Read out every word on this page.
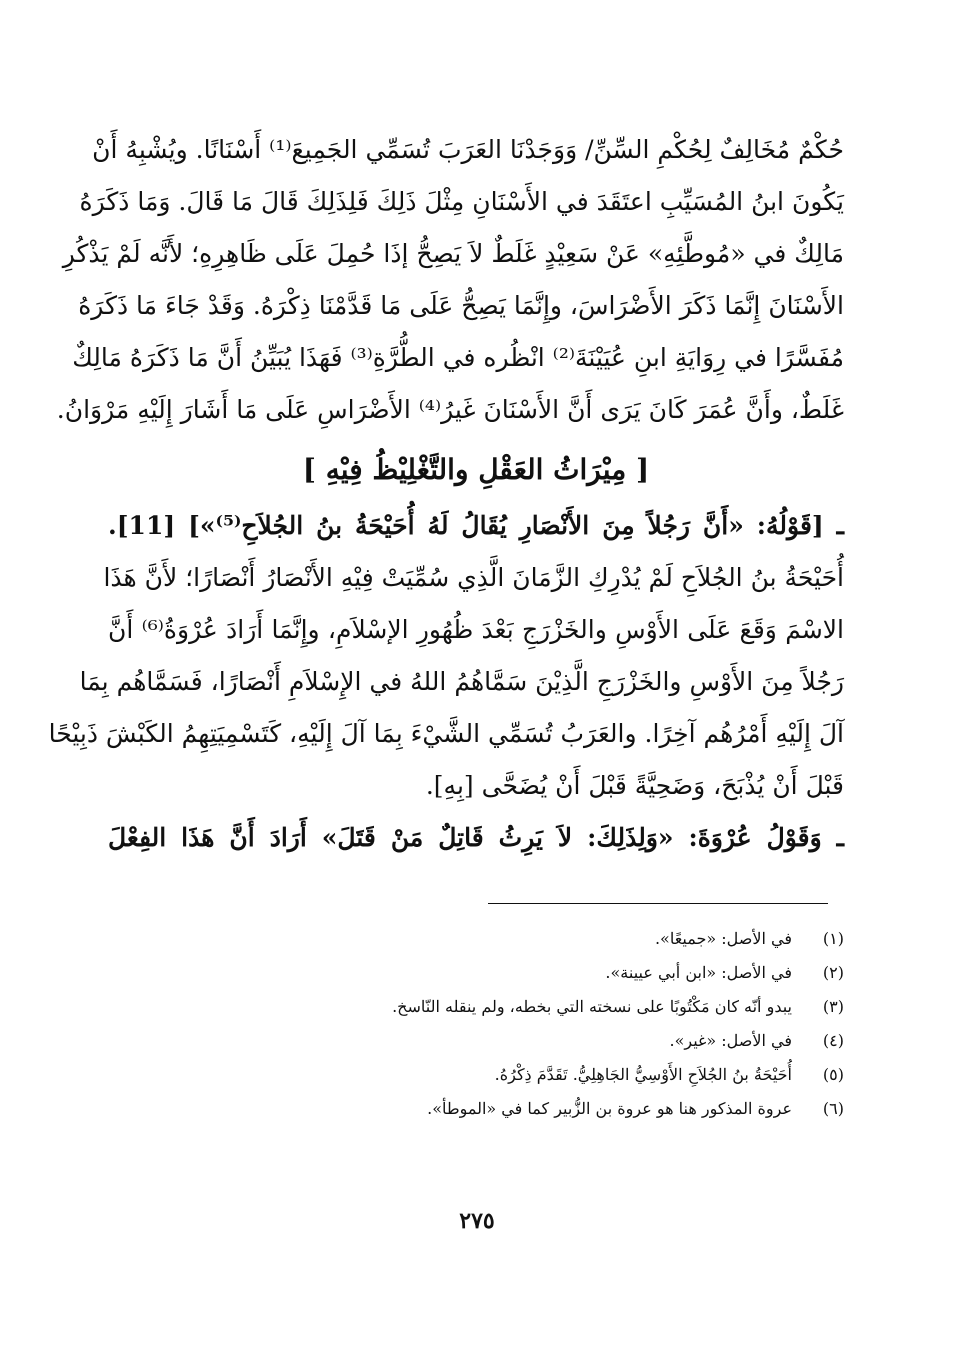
حُكْمٌ مُخَالِفٌ لِحُكْمِ السِّنِّ/ وَوَجَدْنَا العَرَبَ تُسَمِّي الجَمِيعَ⁽¹⁾ أَسْنَانًا. ويُشْبِهُ أَنْ
يَكُونَ ابنُ المُسَيِّبِ اعتَقَدَ في الأَسْنَانِ مِثْلَ ذَلِكَ فَلِذَلِكَ قَالَ مَا قَالَ. وَمَا ذَكَرَهُ
مَالِكٌ في «مُوطَّئِهِ» عَنْ سَعِيْدٍ غَلَطٌ لاَ يَصِحُّ إذَا حُمِلَ عَلَى ظَاهِرِهِ؛ لأَنَّه لَمْ يَذْكُرِ
الأَسْنَانَ إِنَّمَا ذَكَرَ الأَضْرَاسَ، وإِنَّمَا يَصِحُّ عَلَى مَا قَدَّمْنَا ذِكْرَهُ. وَقَدْ جَاءَ مَا ذَكَرَهُ
مُفَسَّرًا في رِوَايَةِ ابنِ عُيَيْنَةَ⁽²⁾ انْظُره في الطُّرَّةِ⁽³⁾ فَهَذَا يُبَيِّنُ أَنَّ مَا ذَكَرَهُ مَالِكٌ
غَلَطٌ، وأَنَّ عُمَرَ كَانَ يَرَى أَنَّ الأَسْنَانَ غَيرُ⁽⁴⁾ الأَضْرَاسِ عَلَى مَا أَشَارَ إِلَيْهِ مَرْوَانُ.
[ مِيْرَاثُ العَقْلِ والتَّغْلِيْظُ فِيْهِ ]
ـ [قَوْلُهُ: «أَنَّ رَجُلاً مِنَ الأَنْصَارِ يُقَالُ لَهُ أُحَيْحَةُ بنُ الجُلاَحِ⁽⁵⁾»] [11].
أُحَيْحَةُ بنُ الجُلاَحِ لَمْ يُدْرِكِ الزَّمَانَ الَّذِي سُمِّيَتْ فِيْهِ الأَنْصَارُ أَنْصَارًا؛ لأَنَّ هَذَا
الاسْمَ وَقَعَ عَلَى الأَوْسِ والخَزْرَجِ بَعْدَ ظُهُورِ الإسْلاَمِ، وإِنَّمَا أَرَادَ عُرْوَةُ⁽⁶⁾ أَنَّ
رَجُلاً مِنَ الأَوْسِ والخَزْرَجِ الَّذِيْنَ سَمَّاهُمُ اللهُ في الإِسْلاَمِ أَنْصَارًا، فَسَمَّاهُم بِمَا
آلَ إِلَيْهِ أَمْرُهُم آخِرًا. والعَرَبُ تُسَمِّي الشَّيْءَ بِمَا آلَ إِلَيْهِ، كَتَسْمِيَتِهِمُ الكَبْشَ ذَبِيْحًا
قَبْلَ أَنْ يُذْبَحَ، وَضَحِيَّةً قَبْلَ أَنْ يُضَحَّى [بِهِ].
ـ وَقَوْلُ عُرْوَةَ: «وَلِذَلِكَ: لاَ يَرِثُ قَاتِلٌ مَنْ قَتَلَ» أَرَادَ أَنَّ هَذَا الفِعْلَ
(١)
في الأصل: «جميعًا».
(٢)
في الأصل: «ابن أبي عيينة».
(٣)
يبدو أنّه كان مَكْتُوبًا على نسخته التي بخطه، ولم ينقله النّاسخ.
(٤)
في الأصل: «غير».
(٥)
أُحَيْحَةُ بنُ الجُلاَحِ الأَوْسِيُّ الجَاهِلِيُّ. تَقَدَّمَ ذِكْرُهُ.
(٦)
عروة المذكور هنا هو عروة بن الزُّبير كما في «الموطأ».
٢٧٥
